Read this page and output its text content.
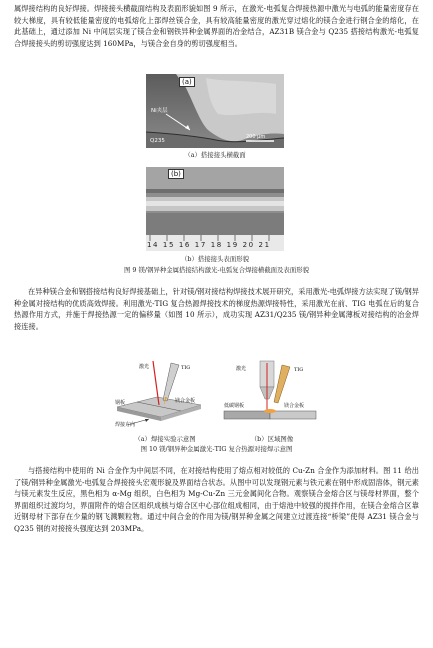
属焊接结构的良好焊接。焊接接头横截面结构及表面形貌如图 9 所示，在激光-电弧复合焊接热源中激光与电弧的能量密度存在较大梯度，具有较低能量密度的电弧熔化上部焊丝镁合金，具有较高能量密度的激光穿过熔化的镁合金进行钢合金的熔化，在此基础上，通过添加 Ni 中间层实现了镁合金和钢铁异种金属界面的冶金结合，AZ31B 镁合金与 Q235 搭接结构激光-电弧复合焊接接头的剪切强度达到 160MPa，与镁合金自身的剪切强度相当。

(a)
Ni夹层
Q235
200 μm
（a）搭接接头横截面
(b)
14 15 16 17 18 19 20 21
（b）搭接接头表面形貌
图 9 镁/钢异种金属搭接结构激光-电弧复合焊接横截面及表面形貌

在异种镁合金和钢搭接结构良好焊接基础上，针对镁/钢对接结构焊接技术展开研究，采用激光-电弧焊接方法实现了镁/钢异种金属对接结构的优质高效焊接。利用激光-TIG 复合热源焊接技术的梯度热源焊接特性，采用激光在前、TIG 电弧在后的复合热源作用方式，并施于焊接热源一定的偏移量（如图 10 所示），成功实现 AZ31/Q235 镁/钢异种金属薄板对接结构的冶金焊接连接。

激光	TIG
钢板	镁合金板
焊接方向
激光	TIG
低碳钢板	镁合金板
（a）焊接实验示意图	（b）区域图像
图 10 镁/钢异种金属激光-TIG 复合热源对接焊示意图

与搭接结构中使用的 Ni 合金作为中间层不同，在对接结构使用了熔点相对较低的 Cu-Zn 合金作为添加材料。图 11 给出了镁/钢异种金属激光-电弧复合焊接接头宏观形貌及界面结合状态。从图中可以发现钢元素与铁元素在钢中形成固溶体，钢元素与镁元素发生反应，黑色相为 α-Mg 组织，白色相为 Mg-Cu-Zn 三元金属间化合物。观察镁合金熔合区与镁母材界面，整个界面组织过渡均匀，界面附件的熔合区组织成核与熔合区中心部位组成相同，由于熔池中较强的搅拌作用，在镁合金熔合区靠近钢母材下部存在少量的钢飞溅颗粒物。通过中间合金的作用为镁/钢异种金属之间建立过渡连接“桥梁”使得 AZ31 镁合金与 Q235 钢的对接接头强度达到 203MPa。
